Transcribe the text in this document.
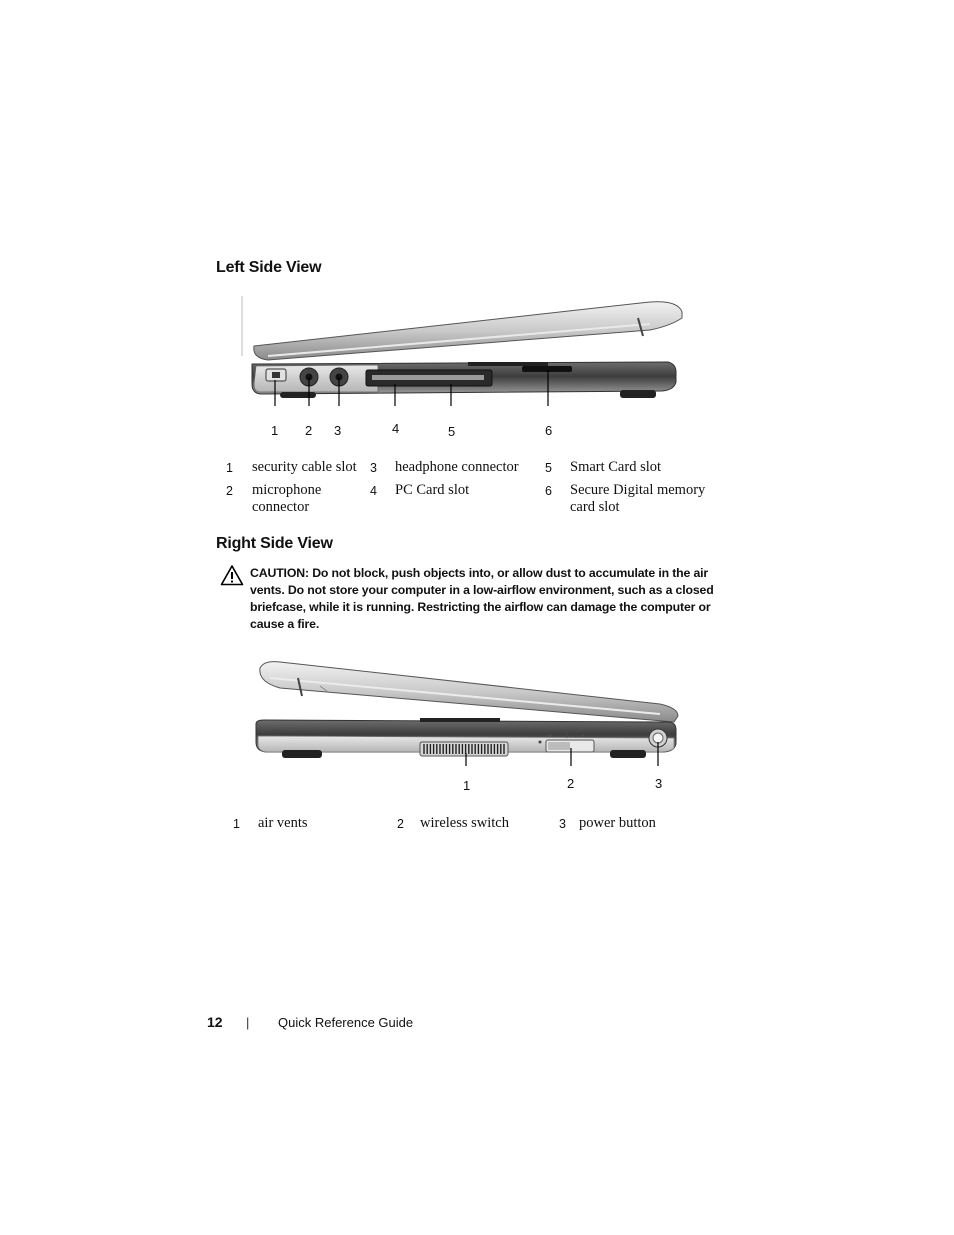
Left Side View
1 2 3	4	5	6
1 security cable slot
2 microphone connector
3 headphone connector
4 PC Card slot
5 Smart Card slot
6 Secure Digital memory card slot
Right Side View
CAUTION: Do not block, push objects into, or allow dust to accumulate in the air vents. Do not store your computer in a low-airflow environment, such as a closed briefcase, while it is running. Restricting the airflow can damage the computer or cause a fire.
o | ›
1	2	3
1 air vents	2 wireless switch	3 power button
12 | Quick Reference Guide
